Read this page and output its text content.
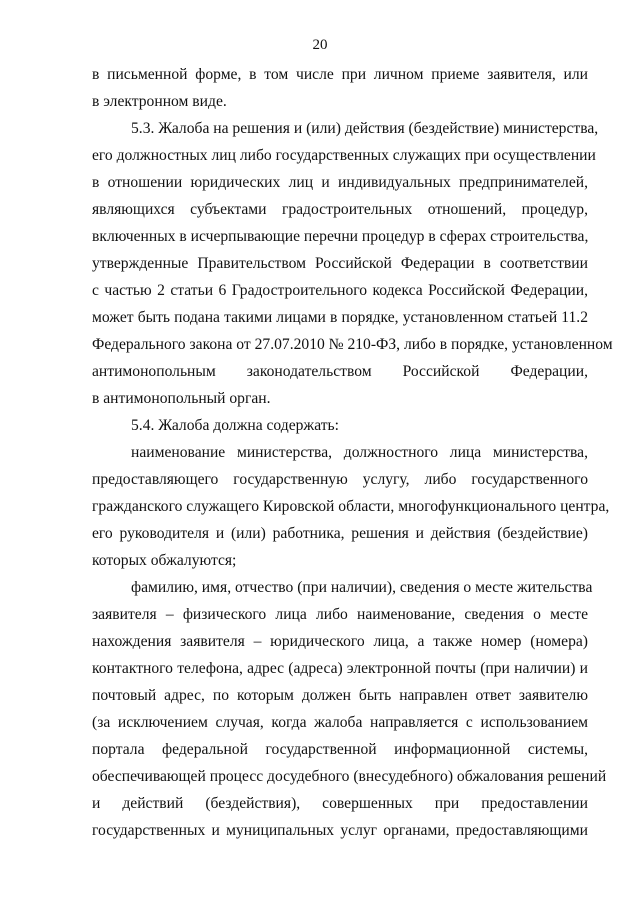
20
в письменной форме, в том числе при личном приеме заявителя, или
в электронном виде.
5.3. Жалоба на решения и (или) действия (бездействие) министерства,
его должностных лиц либо государственных служащих при осуществлении
в отношении юридических лиц и индивидуальных предпринимателей,
являющихся субъектами градостроительных отношений, процедур,
включенных в исчерпывающие перечни процедур в сферах строительства,
утвержденные Правительством Российской Федерации в соответствии
с частью 2 статьи 6 Градостроительного кодекса Российской Федерации,
может быть подана такими лицами в порядке, установленном статьей 11.2
Федерального закона от 27.07.2010 № 210-ФЗ, либо в порядке, установленном
антимонопольным законодательством Российской Федерации,
в антимонопольный орган.
5.4. Жалоба должна содержать:
наименование министерства, должностного лица министерства,
предоставляющего государственную услугу, либо государственного
гражданского служащего Кировской области, многофункционального центра,
его руководителя и (или) работника, решения и действия (бездействие)
которых обжалуются;
фамилию, имя, отчество (при наличии), сведения о месте жительства
заявителя – физического лица либо наименование, сведения о месте
нахождения заявителя – юридического лица, а также номер (номера)
контактного телефона, адрес (адреса) электронной почты (при наличии) и
почтовый адрес, по которым должен быть направлен ответ заявителю
(за исключением случая, когда жалоба направляется с использованием
портала федеральной государственной информационной системы,
обеспечивающей процесс досудебного (внесудебного) обжалования решений
и действий (бездействия), совершенных при предоставлении
государственных и муниципальных услуг органами, предоставляющими
